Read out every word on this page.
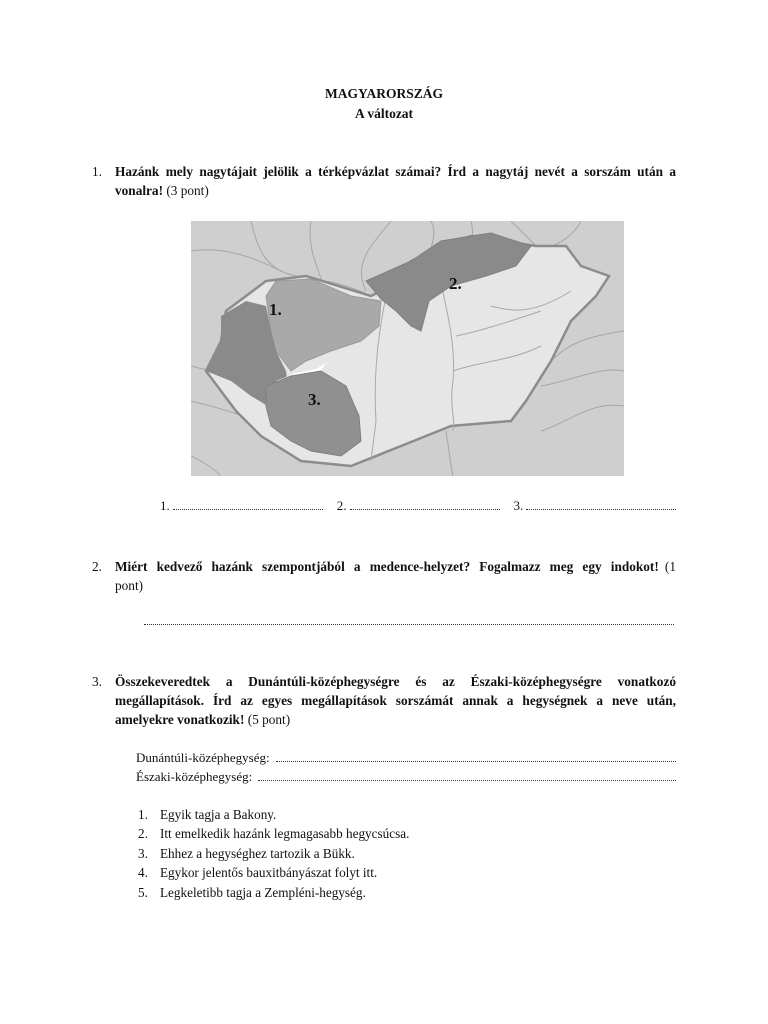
MAGYARORSZÁG
A változat
1. Hazánk mely nagytájait jelölik a térképvázlat számai? Írd a nagytáj nevét a sorszám után a vonalra! (3 pont)
1.
2.
3.
1.	2.	3.
2. Miért kedvező hazánk szempontjából a medence-helyzet? Fogalmazz meg egy indokot! (1 pont)
3. Összekeveredtek a Dunántúli-középhegységre és az Északi-középhegységre vonatkozó megállapítások. Írd az egyes megállapítások sorszámát annak a hegységnek a neve után, amelyekre vonatkozik! (5 pont)
Dunántúli-középhegység:
Északi-középhegység:
1. Egyik tagja a Bakony.
2. Itt emelkedik hazánk legmagasabb hegycsúcsa.
3. Ehhez a hegységhez tartozik a Bükk.
4. Egykor jelentős bauxitbányászat folyt itt.
5. Legkeletibb tagja a Zempléni-hegység.
